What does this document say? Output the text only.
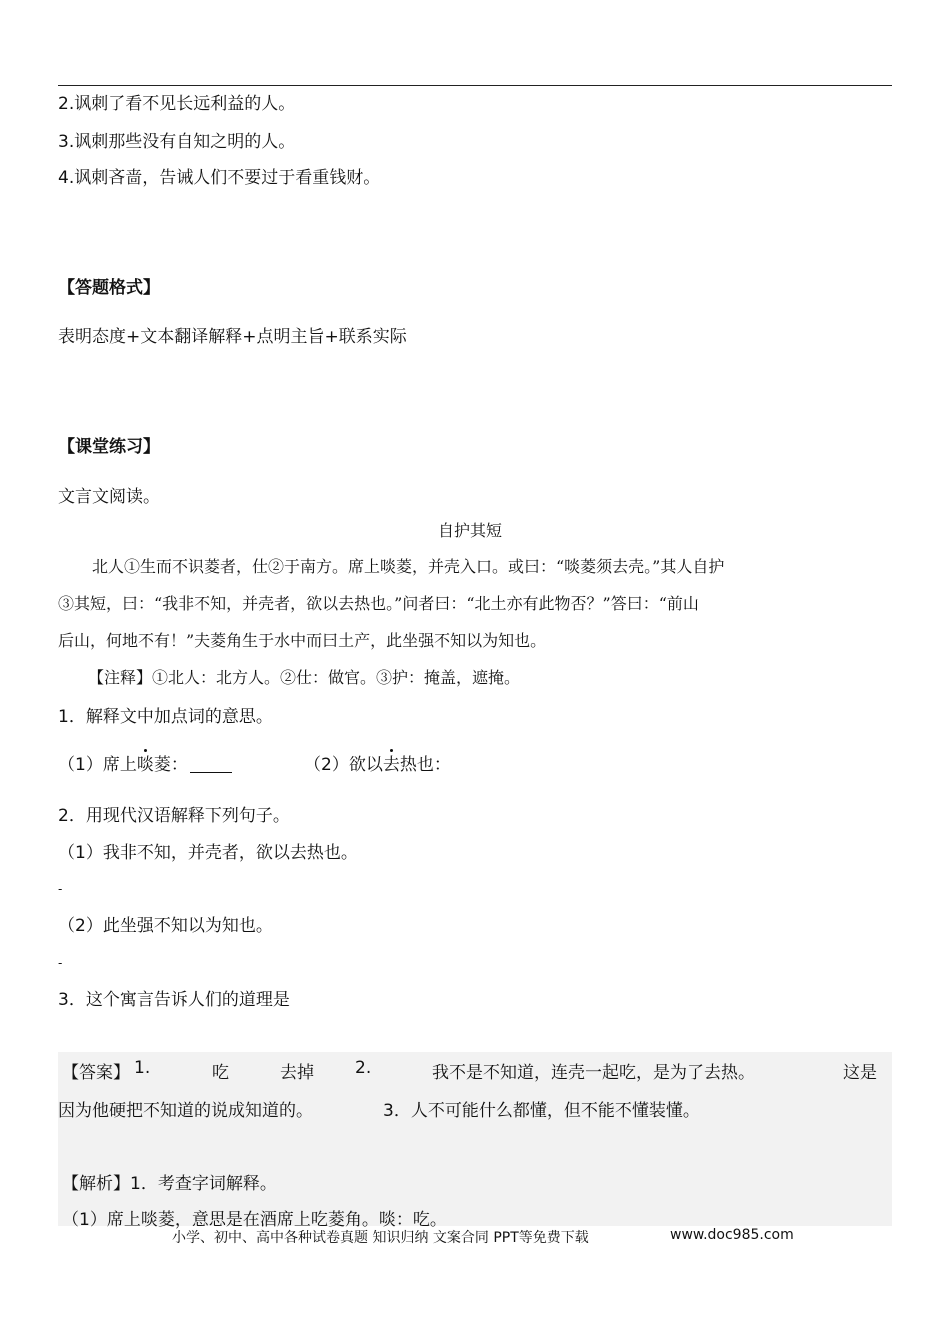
2.讽刺了看不见长远利益的人。
3.讽刺那些没有自知之明的人。
4.讽刺吝啬，告诫人们不要过于看重钱财。
【答题格式】
表明态度+文本翻译解释+点明主旨+联系实际
【课堂练习】
文言文阅读。
自护其短
北人①生而不识菱者，仕②于南方。席上啖菱，并壳入口。或曰：“啖菱须去壳。”其人自护
③其短，曰：“我非不知，并壳者，欲以去热也。”问者曰：“北土亦有此物否？”答曰：“前山
后山，何地不有！”夫菱角生于水中而曰土产，此坐强不知以为知也。
【注释】①北人：北方人。②仕：做官。③护：掩盖，遮掩。
1．解释文中加点词的意思。
（1）席上啖菱：	（2）欲以去热也：
2．用现代汉语解释下列句子。
（1）我非不知，并壳者，欲以去热也。
-
（2）此坐强不知以为知也。
-
3．这个寓言告诉人们的道理是
【答案】 1.	吃	去掉 2.	我不是不知道，连壳一起吃，是为了去热。	这是
因为他硬把不知道的说成知道的。	3．人不可能什么都懂，但不能不懂装懂。
【解析】1．考查字词解释。
（1）席上啖菱，意思是在酒席上吃菱角。啖：吃。
小学、初中、高中各种试卷真题 知识归纳 文案合同 PPT等免费下载	www.doc985.com
